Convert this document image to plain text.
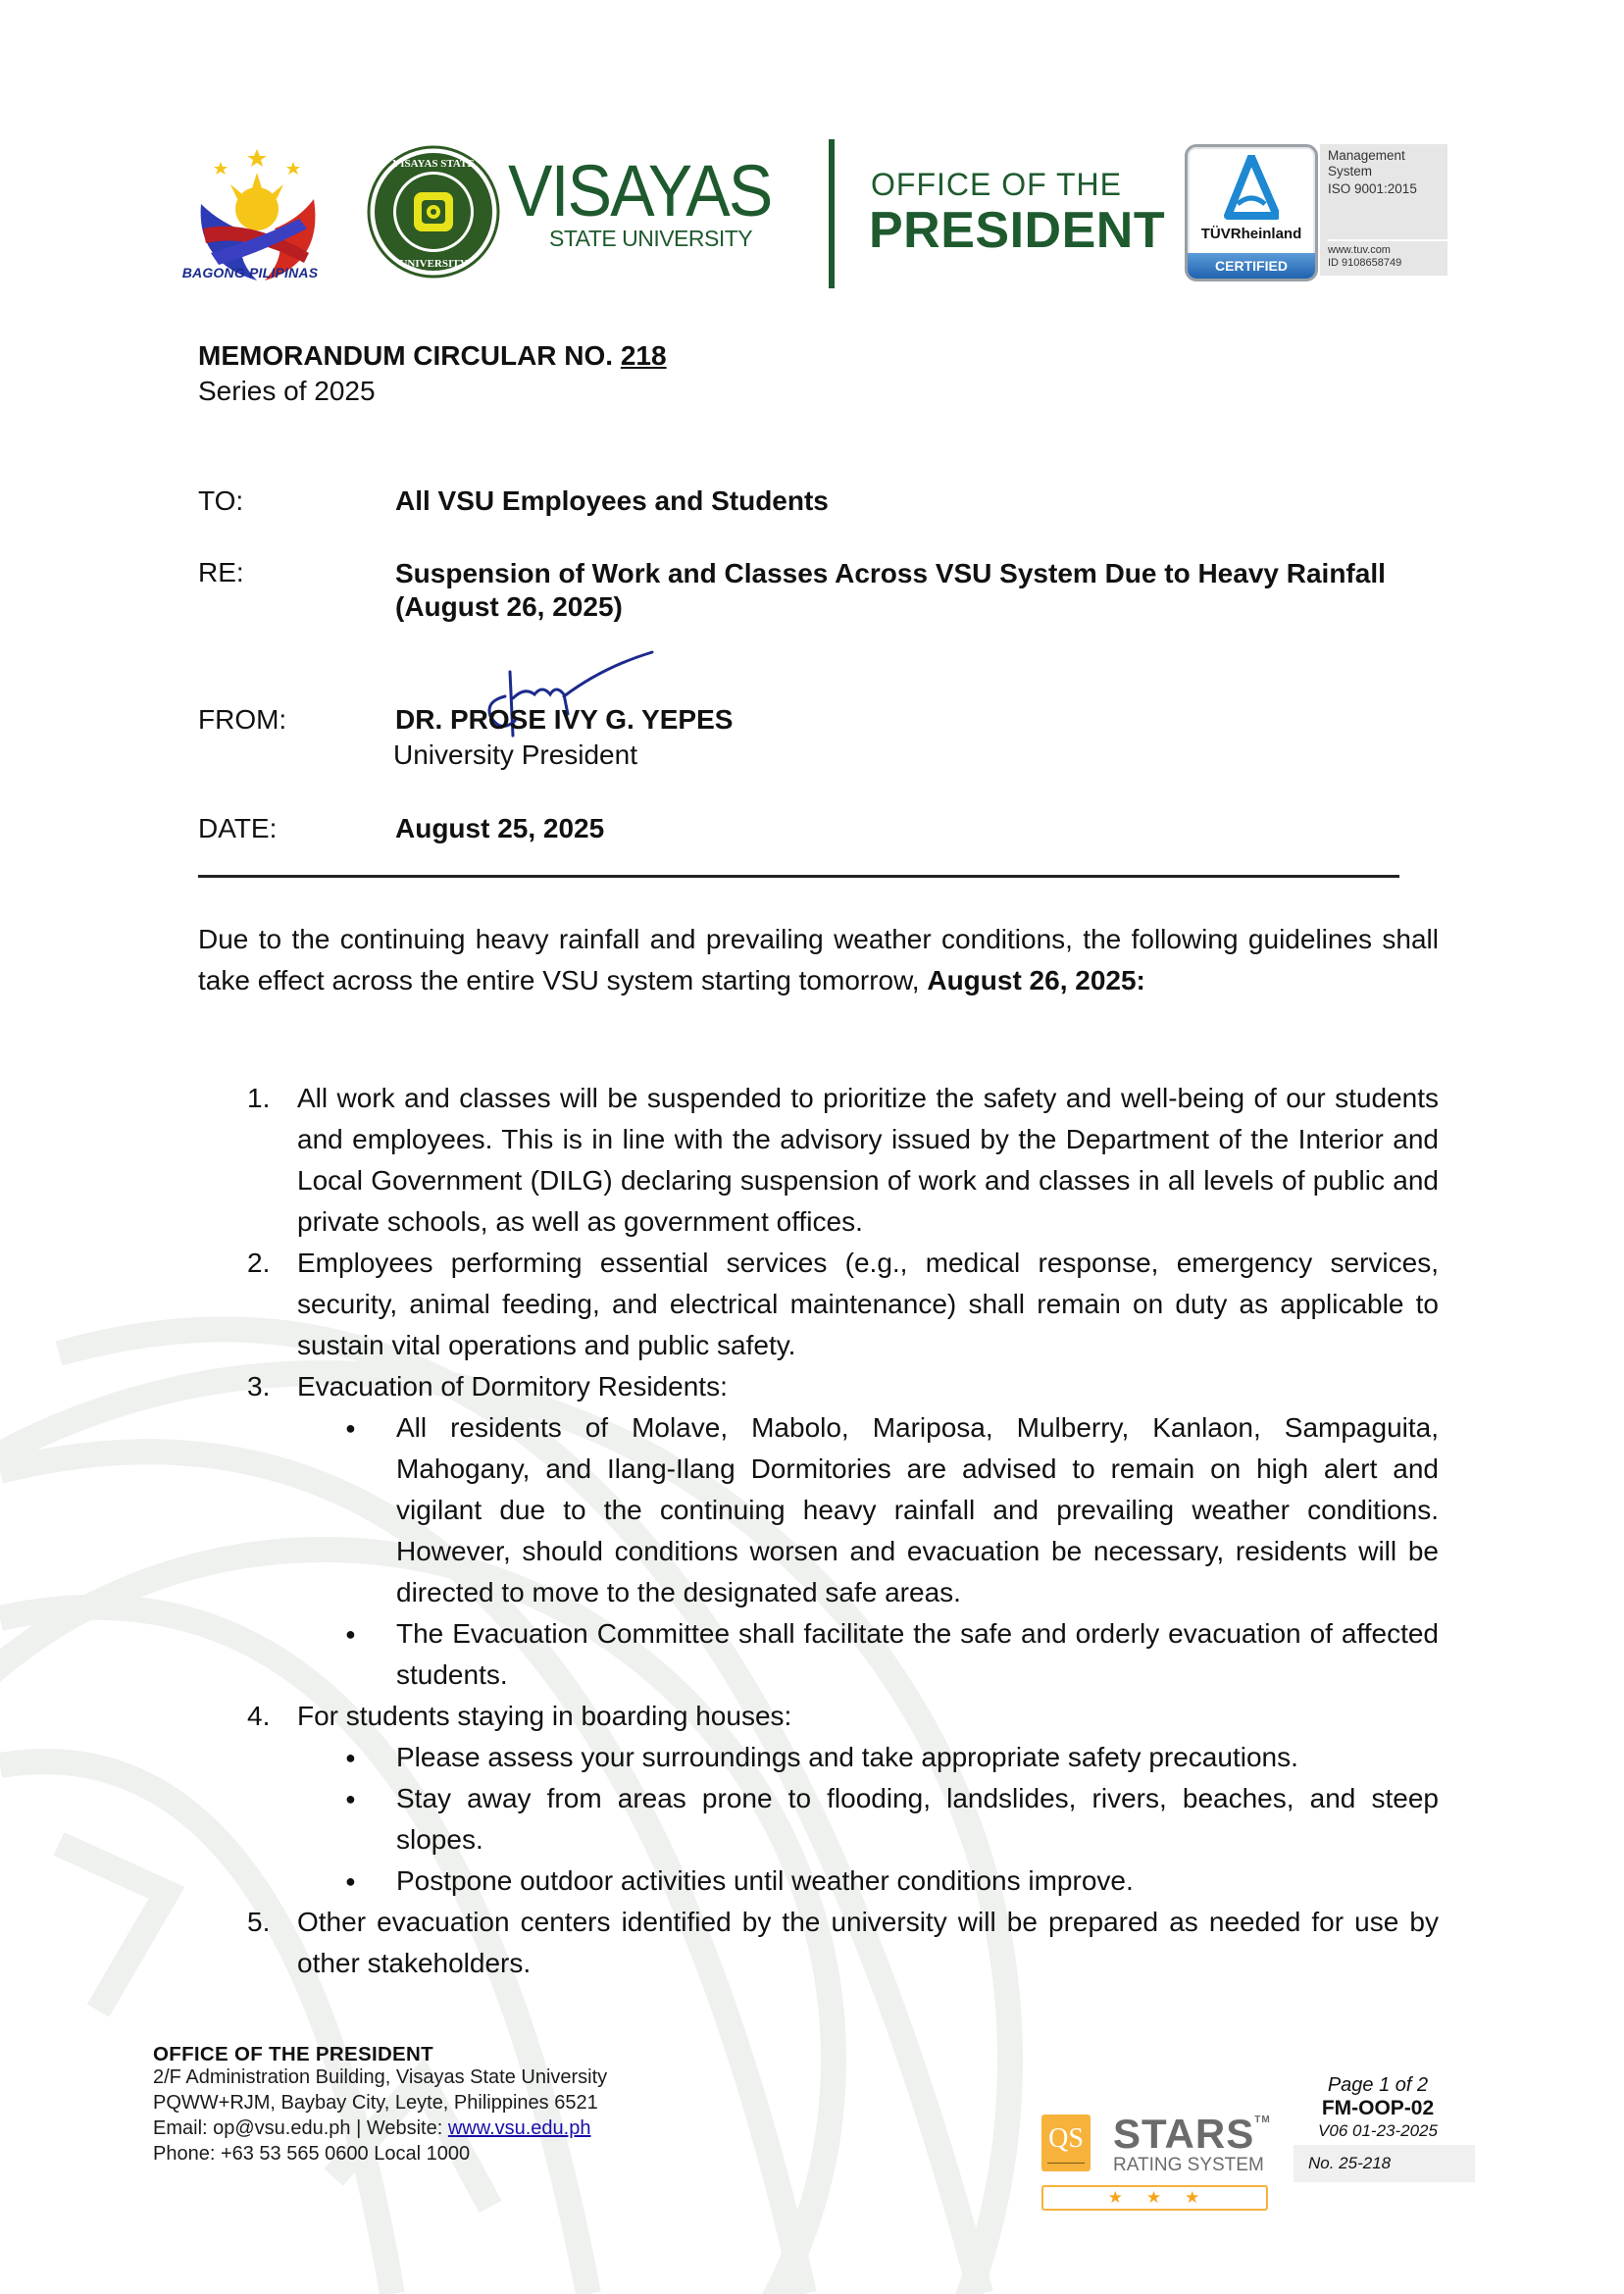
BAGONG PILIPINAS
VISAYAS STATE
UNIVERSITY
VISAYAS
STATE UNIVERSITY
OFFICE OF THE
PRESIDENT	TÜVRheinland
CERTIFIED
Management
System
ISO 9001:2015
www.tuv.com
ID 9108658749
MEMORANDUM CIRCULAR NO. 218
Series of 2025
TO:	All VSU Employees and Students
RE:	Suspension of Work and Classes Across VSU System Due to Heavy Rainfall
(August 26, 2025)
FROM:	DR. PROSE IVY G. YEPES
University President
DATE:	August 25, 2025
Due to the continuing heavy rainfall and prevailing weather conditions, the following guidelines shall take effect across the entire VSU system starting tomorrow, August 26, 2025:
1. All work and classes will be suspended to prioritize the safety and well-being of our students and employees. This is in line with the advisory issued by the Department of the Interior and Local Government (DILG) declaring suspension of work and classes in all levels of public and private schools, as well as government offices.
2. Employees performing essential services (e.g., medical response, emergency services, security, animal feeding, and electrical maintenance) shall remain on duty as applicable to sustain vital operations and public safety.
3. Evacuation of Dormitory Residents:
● All residents of Molave, Mabolo, Mariposa, Mulberry, Kanlaon, Sampaguita, Mahogany, and Ilang-Ilang Dormitories are advised to remain on high alert and vigilant due to the continuing heavy rainfall and prevailing weather conditions. However, should conditions worsen and evacuation be necessary, residents will be directed to move to the designated safe areas.
● The Evacuation Committee shall facilitate the safe and orderly evacuation of affected students.
4. For students staying in boarding houses:
● Please assess your surroundings and take appropriate safety precautions.
● Stay away from areas prone to flooding, landslides, rivers, beaches, and steep slopes.
● Postpone outdoor activities until weather conditions improve.
5. Other evacuation centers identified by the university will be prepared as needed for use by other stakeholders.
OFFICE OF THE PRESIDENT
2/F Administration Building, Visayas State University
PQWW+RJM, Baybay City, Leyte, Philippines 6521
Email: op@vsu.edu.ph | Website: www.vsu.edu.ph
Phone: +63 53 565 0600 Local 1000	QS STARS™
RATING SYSTEM
★★★
Page 1 of 2
FM-OOP-02
V06 01-23-2025
No. 25-218
